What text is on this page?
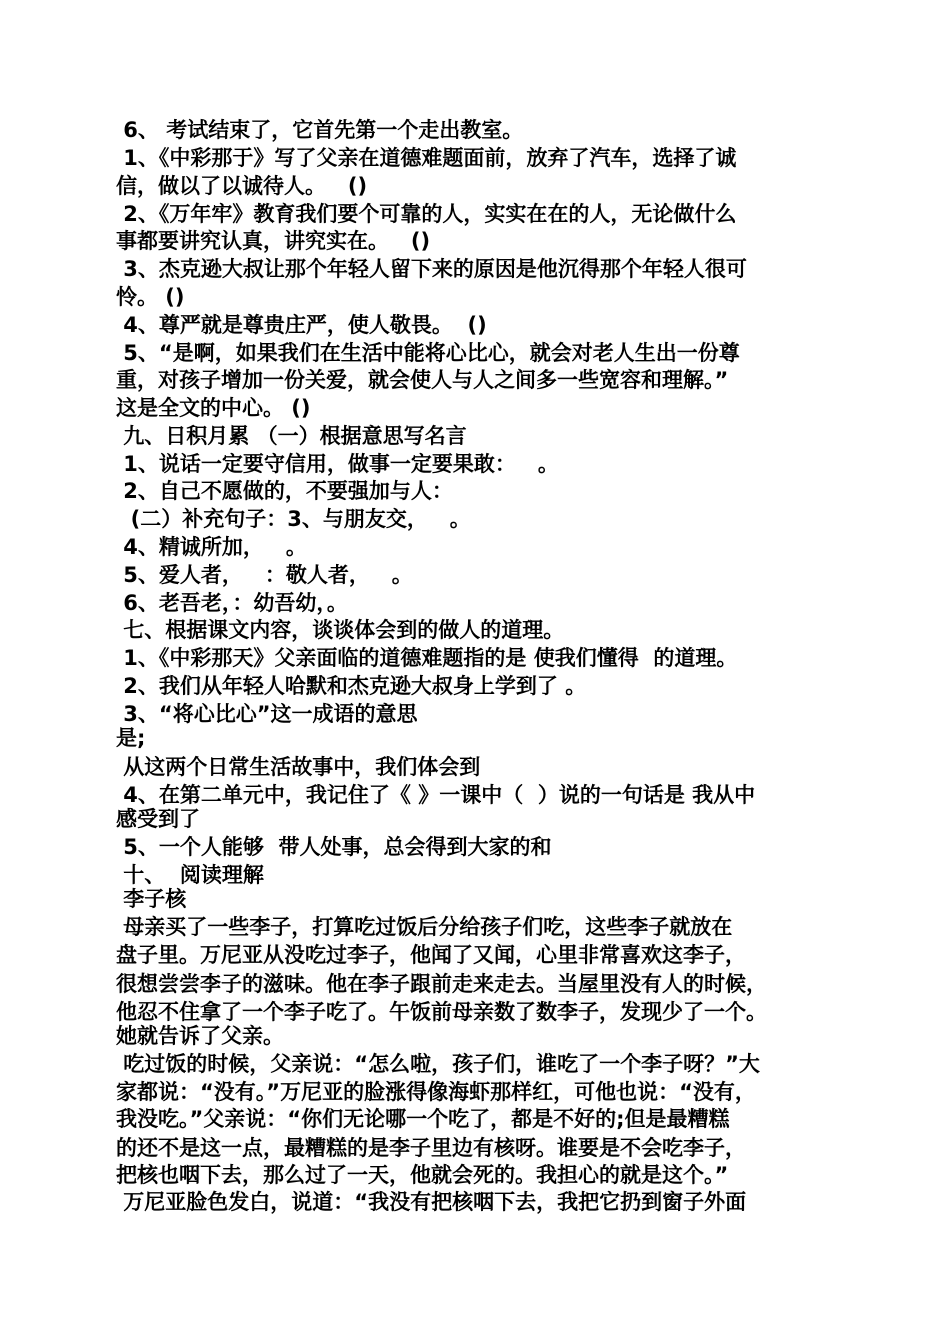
6、 考试结束了，它首先第一个走出教室。
1、《中彩那于》写了父亲在道德难题面前，放弃了汽车，选择了诚
信，做以了以诚待人。   ()
2、《万年牢》教育我们要个可靠的人，实实在在的人，无论做什么
事都要讲究认真，讲究实在。   ()
3、杰克逊大叔让那个年轻人留下来的原因是他沉得那个年轻人很可
怜。 ()
4、尊严就是尊贵庄严，使人敬畏。  ()
5、“是啊，如果我们在生活中能将心比心，就会对老人生出一份尊
重，对孩子增加一份关爱，就会使人与人之间多一些宽容和理解。”
这是全文的中心。 ()
九、日积月累 （一）根据意思写名言
1、说话一定要守信用，做事一定要果敢：   。
2、自己不愿做的，不要强加与人：
(二）补充句子：3、与朋友交，   。
4、精诚所加，   。
5、爱人者，   ：敬人者，   。
6、老吾老，：幼吾幼，。
七、根据课文内容，谈谈体会到的做人的道理。
1、《中彩那天》父亲面临的道德难题指的是 使我们懂得  的道理。
2、我们从年轻人哈默和杰克逊大叔身上学到了 。
3、“将心比心”这一成语的意思
是;
从这两个日常生活故事中，我们体会到
4、在第二单元中，我记住了《 》一课中（  ）说的一句话是 我从中
感受到了
5、一个人能够  带人处事，总会得到大家的和
十、  阅读理解
李子核
母亲买了一些李子，打算吃过饭后分给孩子们吃，这些李子就放在
盘子里。万尼亚从没吃过李子，他闻了又闻，心里非常喜欢这李子，
很想尝尝李子的滋味。他在李子跟前走来走去。当屋里没有人的时候，
他忍不住拿了一个李子吃了。午饭前母亲数了数李子，发现少了一个。
她就告诉了父亲。
吃过饭的时候，父亲说：“怎么啦，孩子们，谁吃了一个李子呀？”大
家都说：“没有。”万尼亚的脸涨得像海虾那样红，可他也说：“没有，
我没吃。”父亲说：“你们无论哪一个吃了，都是不好的;但是最糟糕
的还不是这一点，最糟糕的是李子里边有核呀。谁要是不会吃李子，
把核也咽下去，那么过了一天，他就会死的。我担心的就是这个。”
万尼亚脸色发白，说道：“我没有把核咽下去，我把它扔到窗子外面
